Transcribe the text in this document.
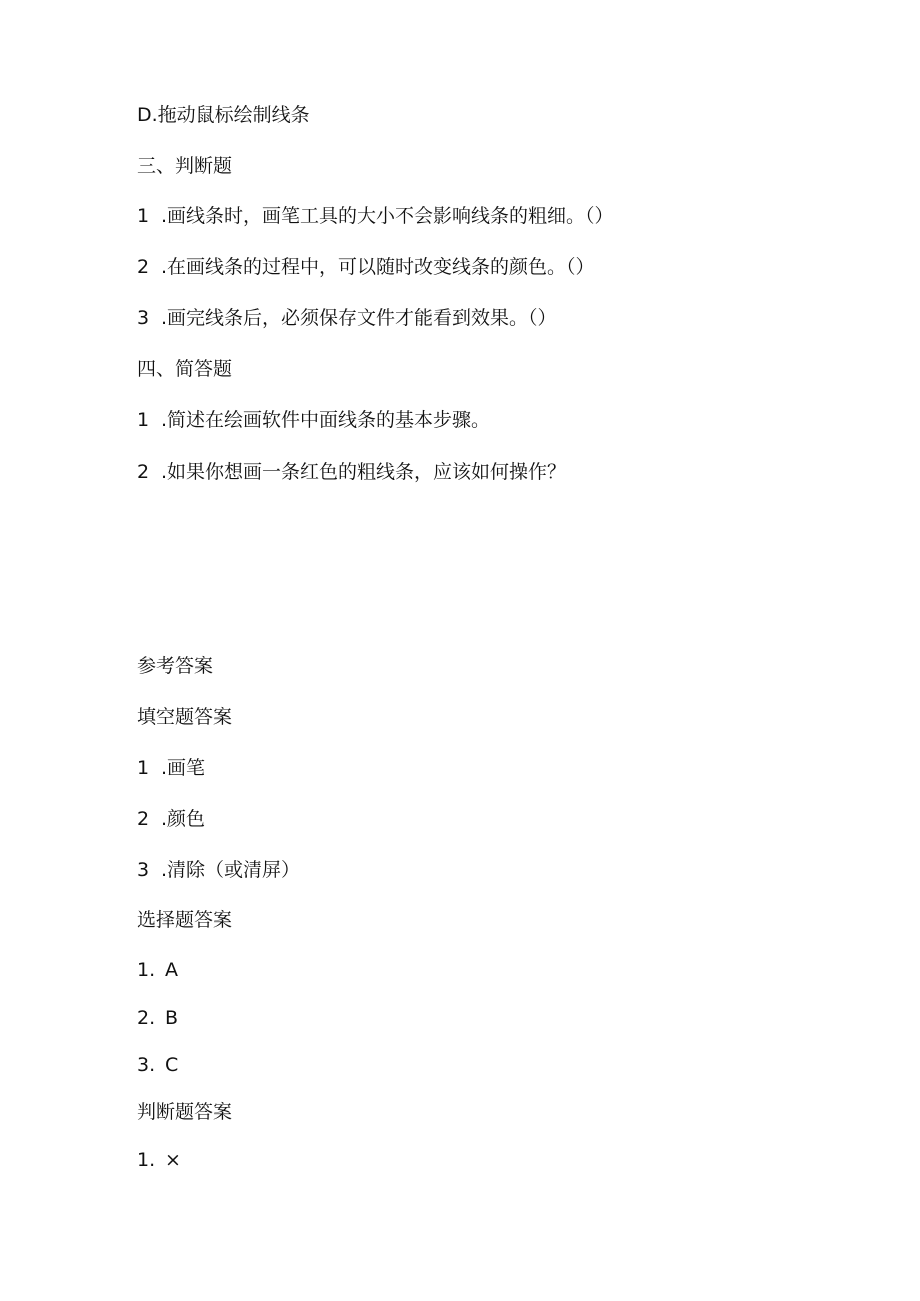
D.拖动鼠标绘制线条
三、判断题
1 .画线条时，画笔工具的大小不会影响线条的粗细。（）
2 .在画线条的过程中，可以随时改变线条的颜色。（）
3 .画完线条后，必须保存文件才能看到效果。（）
四、简答题
1 .简述在绘画软件中面线条的基本步骤。
2 .如果你想画一条红色的粗线条，应该如何操作？
参考答案
填空题答案
1 .画笔
2 .颜色
3 .清除（或清屏）
选择题答案
1. A
2. B
3. C
判断题答案
1. ×
